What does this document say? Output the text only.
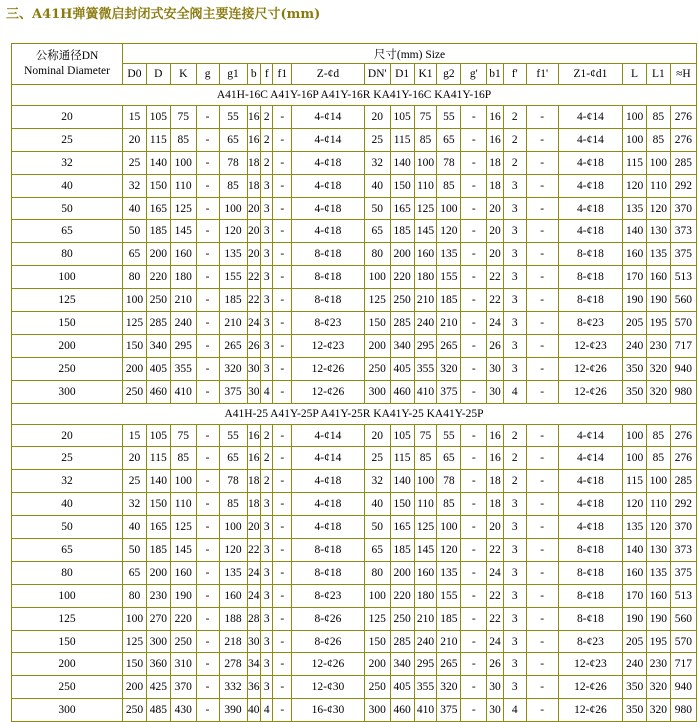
三、A41H弹簧微启封闭式安全阀主要连接尺寸(mm)
公称通径DN
Nominal Diameter	尺寸(mm) Size																				
	D0	D	K	g	g1	b	f	f1	Z-¢d	DN'	D1	K1	g2	g'	b1	f'	f1'	Z1-¢d1	L	L1	≈H
A41H-16C A41Y-16P A41Y-16R KA41Y-16C KA41Y-16P																					
20	15	105	75	-	55	16	2	-	4-¢14	20	105	75	55	-	16	2	-	4-¢14	100	85	276
25	20	115	85	-	65	16	2	-	4-¢14	25	115	85	65	-	16	2	-	4-¢14	100	85	276
32	25	140	100	-	78	18	2	-	4-¢18	32	140	100	78	-	18	2	-	4-¢18	115	100	285
40	32	150	110	-	85	18	3	-	4-¢18	40	150	110	85	-	18	3	-	4-¢18	120	110	292
50	40	165	125	-	100	20	3	-	4-¢18	50	165	125	100	-	20	3	-	4-¢18	135	120	370
65	50	185	145	-	120	20	3	-	4-¢18	65	185	145	120	-	20	3	-	4-¢18	140	130	373
80	65	200	160	-	135	20	3	-	8-¢18	80	200	160	135	-	20	3	-	8-¢18	160	135	375
100	80	220	180	-	155	22	3	-	8-¢18	100	220	180	155	-	22	3	-	8-¢18	170	160	513
125	100	250	210	-	185	22	3	-	8-¢18	125	250	210	185	-	22	3	-	8-¢18	190	190	560
150	125	285	240	-	210	24	3	-	8-¢23	150	285	240	210	-	24	3	-	8-¢23	205	195	570
200	150	340	295	-	265	26	3	-	12-¢23	200	340	295	265	-	26	3	-	12-¢23	240	230	717
250	200	405	355	-	320	30	3	-	12-¢26	250	405	355	320	-	30	3	-	12-¢26	350	320	940
300	250	460	410	-	375	30	4	-	12-¢26	300	460	410	375	-	30	4	-	12-¢26	350	320	980
A41H-25 A41Y-25P A41Y-25R KA41Y-25 KA41Y-25P																					
20	15	105	75	-	55	16	2	-	4-¢14	20	105	75	55	-	16	2	-	4-¢14	100	85	276
25	20	115	85	-	65	16	2	-	4-¢14	25	115	85	65	-	16	2	-	4-¢14	100	85	276
32	25	140	100	-	78	18	2	-	4-¢18	32	140	100	78	-	18	2	-	4-¢18	115	100	285
40	32	150	110	-	85	18	3	-	4-¢18	40	150	110	85	-	18	3	-	4-¢18	120	110	292
50	40	165	125	-	100	20	3	-	4-¢18	50	165	125	100	-	20	3	-	4-¢18	135	120	370
65	50	185	145	-	120	22	3	-	8-¢18	65	185	145	120	-	22	3	-	8-¢18	140	130	373
80	65	200	160	-	135	24	3	-	8-¢18	80	200	160	135	-	24	3	-	8-¢18	160	135	375
100	80	230	190	-	160	24	3	-	8-¢23	100	220	180	155	-	22	3	-	8-¢18	170	160	513
125	100	270	220	-	188	28	3	-	8-¢26	125	250	210	185	-	22	3	-	8-¢18	190	190	560
150	125	300	250	-	218	30	3	-	8-¢26	150	285	240	210	-	24	3	-	8-¢23	205	195	570
200	150	360	310	-	278	34	3	-	12-¢26	200	340	295	265	-	26	3	-	12-¢23	240	230	717
250	200	425	370	-	332	36	3	-	12-¢30	250	405	355	320	-	30	3	-	12-¢26	350	320	940
300	250	485	430	-	390	40	4	-	16-¢30	300	460	410	375	-	30	4	-	12-¢26	350	320	980
